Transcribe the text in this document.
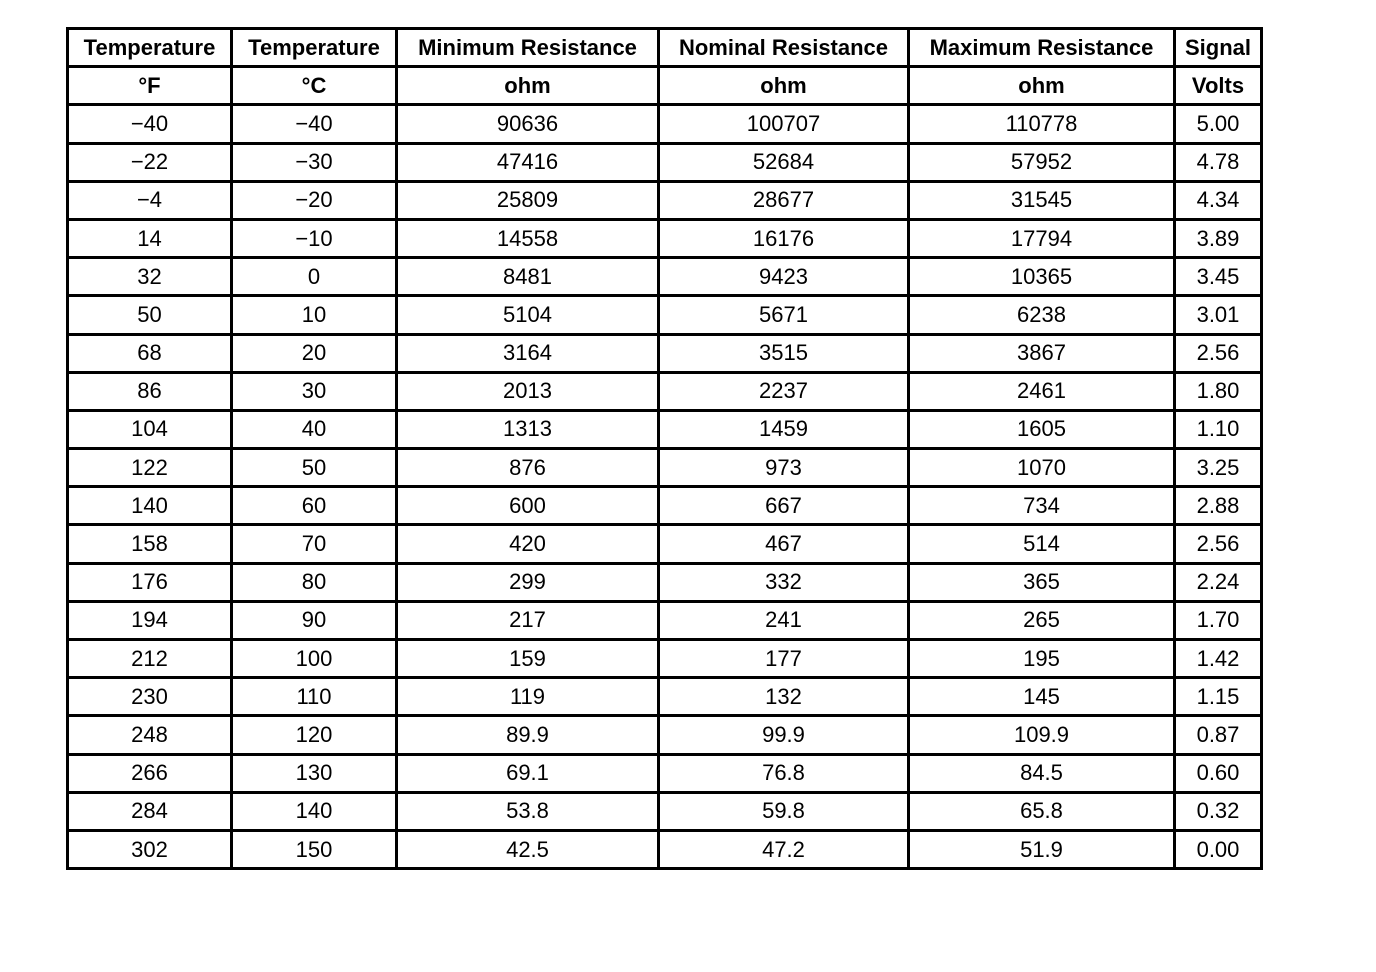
Temperature	Temperature	Minimum Resistance	Nominal Resistance	Maximum Resistance	Signal
°F	°C	ohm	ohm	ohm	Volts
−40	−40	90636	100707	110778	5.00
−22	−30	47416	52684	57952	4.78
−4	−20	25809	28677	31545	4.34
14	−10	14558	16176	17794	3.89
32	0	8481	9423	10365	3.45
50	10	5104	5671	6238	3.01
68	20	3164	3515	3867	2.56
86	30	2013	2237	2461	1.80
104	40	1313	1459	1605	1.10
122	50	876	973	1070	3.25
140	60	600	667	734	2.88
158	70	420	467	514	2.56
176	80	299	332	365	2.24
194	90	217	241	265	1.70
212	100	159	177	195	1.42
230	110	119	132	145	1.15
248	120	89.9	99.9	109.9	0.87
266	130	69.1	76.8	84.5	0.60
284	140	53.8	59.8	65.8	0.32
302	150	42.5	47.2	51.9	0.00
